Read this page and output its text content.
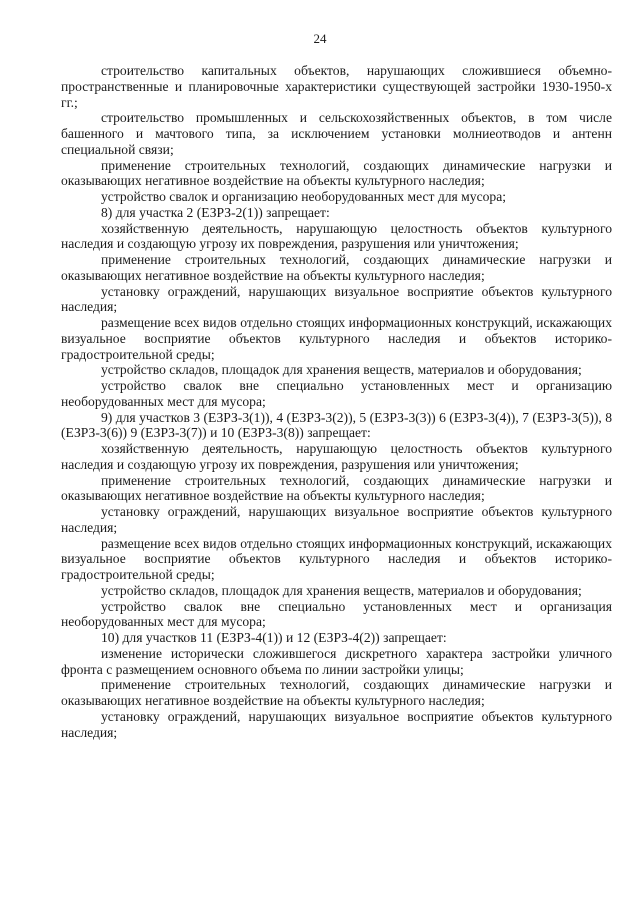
24

строительство капитальных объектов, нарушающих сложившиеся объемно-пространственные и планировочные характеристики существующей застройки 1930-1950-х гг.;

строительство промышленных и сельскохозяйственных объектов, в том числе башенного и мачтового типа, за исключением установки молниеотводов и антенн специальной связи;

применение строительных технологий, создающих динамические нагрузки и оказывающих негативное воздействие на объекты культурного наследия;

устройство свалок и организацию необорудованных мест для мусора;

8) для участка 2 (ЕЗРЗ-2(1)) запрещает:

хозяйственную деятельность, нарушающую целостность объектов культурного наследия и создающую угрозу их повреждения, разрушения или уничтожения;

применение строительных технологий, создающих динамические нагрузки и оказывающих негативное воздействие на объекты культурного наследия;

установку ограждений, нарушающих визуальное восприятие объектов культурного наследия;

размещение всех видов отдельно стоящих информационных конструкций, искажающих визуальное восприятие объектов культурного наследия и объектов историко-градостроительной среды;

устройство складов, площадок для хранения веществ, материалов и оборудования;

устройство свалок вне специально установленных мест и организацию необорудованных мест для мусора;

9) для участков 3 (ЕЗРЗ-3(1)), 4 (ЕЗРЗ-3(2)), 5 (ЕЗРЗ-3(3)) 6 (ЕЗРЗ-3(4)), 7 (ЕЗРЗ-3(5)), 8 (ЕЗРЗ-3(6)) 9 (ЕЗРЗ-3(7)) и 10 (ЕЗРЗ-3(8)) запрещает:

хозяйственную деятельность, нарушающую целостность объектов культурного наследия и создающую угрозу их повреждения, разрушения или уничтожения;

применение строительных технологий, создающих динамические нагрузки и оказывающих негативное воздействие на объекты культурного наследия;

установку ограждений, нарушающих визуальное восприятие объектов культурного наследия;

размещение всех видов отдельно стоящих информационных конструкций, искажающих визуальное восприятие объектов культурного наследия и объектов историко-градостроительной среды;

устройство складов, площадок для хранения веществ, материалов и оборудования;

устройство свалок вне специально установленных мест и организация необорудованных мест для мусора;

10) для участков 11 (ЕЗРЗ-4(1)) и 12 (ЕЗРЗ-4(2)) запрещает:

изменение исторически сложившегося дискретного характера застройки уличного фронта с размещением основного объема по линии застройки улицы;

применение строительных технологий, создающих динамические нагрузки и оказывающих негативное воздействие на объекты культурного наследия;

установку ограждений, нарушающих визуальное восприятие объектов культурного наследия;
